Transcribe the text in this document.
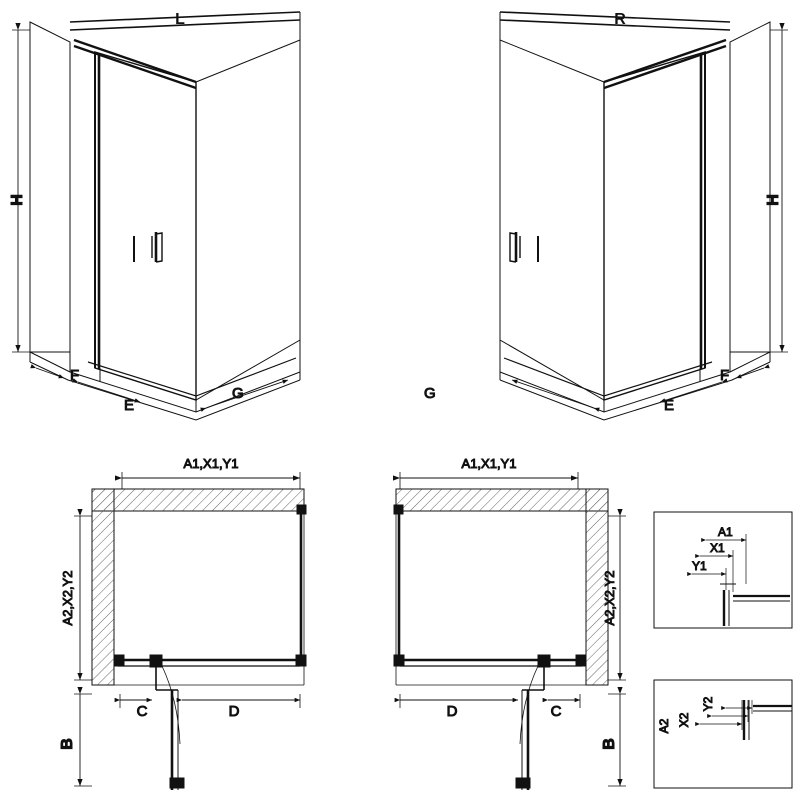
H
F
E
G
H
F
E
G
A1,X1,Y1
A2,X2,Y2
C	D
B
A1,X1,Y1
A2,X2,Y2
D	C
B
A1
X1
Y1
A2 X2
Y2
L	R
